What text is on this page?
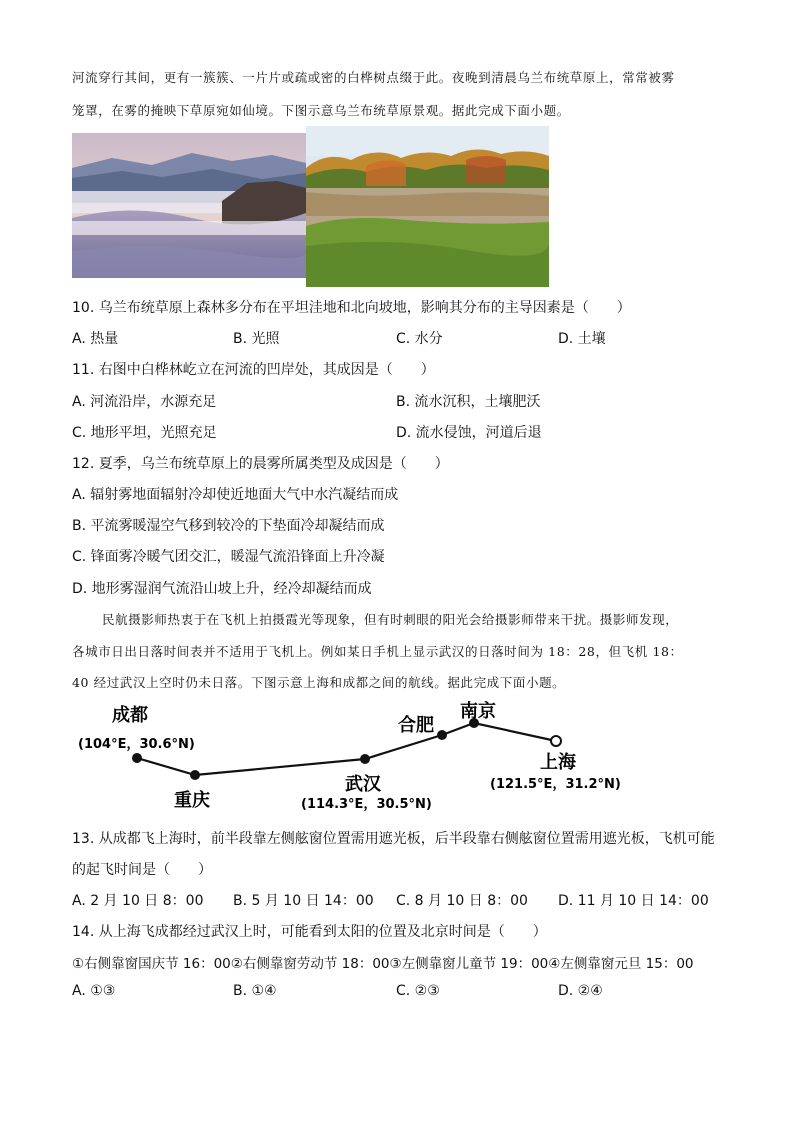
河流穿行其间，更有一簇簇、一片片或疏或密的白桦树点缀于此。夜晚到清晨乌兰布统草原上，常常被雾
笼罩，在雾的掩映下草原宛如仙境。下图示意乌兰布统草原景观。据此完成下面小题。
10. 乌兰布统草原上森林多分布在平坦洼地和北向坡地，影响其分布的主导因素是（　　）
A. 热量	B. 光照	C. 水分	D. 土壤
11. 右图中白桦林屹立在河流的凹岸处，其成因是（　　）
A. 河流沿岸，水源充足	B. 流水沉积，土壤肥沃
C. 地形平坦，光照充足	D. 流水侵蚀，河道后退
12. 夏季，乌兰布统草原上的晨雾所属类型及成因是（　　）
A. 辐射雾地面辐射冷却使近地面大气中水汽凝结而成
B. 平流雾暖湿空气移到较冷的下垫面冷却凝结而成
C. 锋面雾冷暖气团交汇，暖湿气流沿锋面上升冷凝
D. 地形雾湿润气流沿山坡上升，经冷却凝结而成
民航摄影师热衷于在飞机上拍摄霞光等现象，但有时刺眼的阳光会给摄影师带来干扰。摄影师发现，
各城市日出日落时间表并不适用于飞机上。例如某日手机上显示武汉的日落时间为 18：28，但飞机 18：
40 经过武汉上空时仍未日落。下图示意上海和成都之间的航线。据此完成下面小题。
成都
(104°E，30.6°N)
重庆
武汉
(114.3°E，30.5°N)
合肥
南京
上海
(121.5°E，31.2°N)
13. 从成都飞上海时，前半段靠左侧舷窗位置需用遮光板，后半段靠右侧舷窗位置需用遮光板，飞机可能
的起飞时间是（　　）
A. 2 月 10 日 8：00 B. 5 月 10 日 14：00 C. 8 月 10 日 8：00 D. 11 月 10 日 14：00
14. 从上海飞成都经过武汉上时，可能看到太阳的位置及北京时间是（　　）
①右侧靠窗国庆节 16：00②右侧靠窗劳动节 18：00③左侧靠窗儿童节 19：00④左侧靠窗元旦 15：00
A. ①③	B. ①④	C. ②③	D. ②④
